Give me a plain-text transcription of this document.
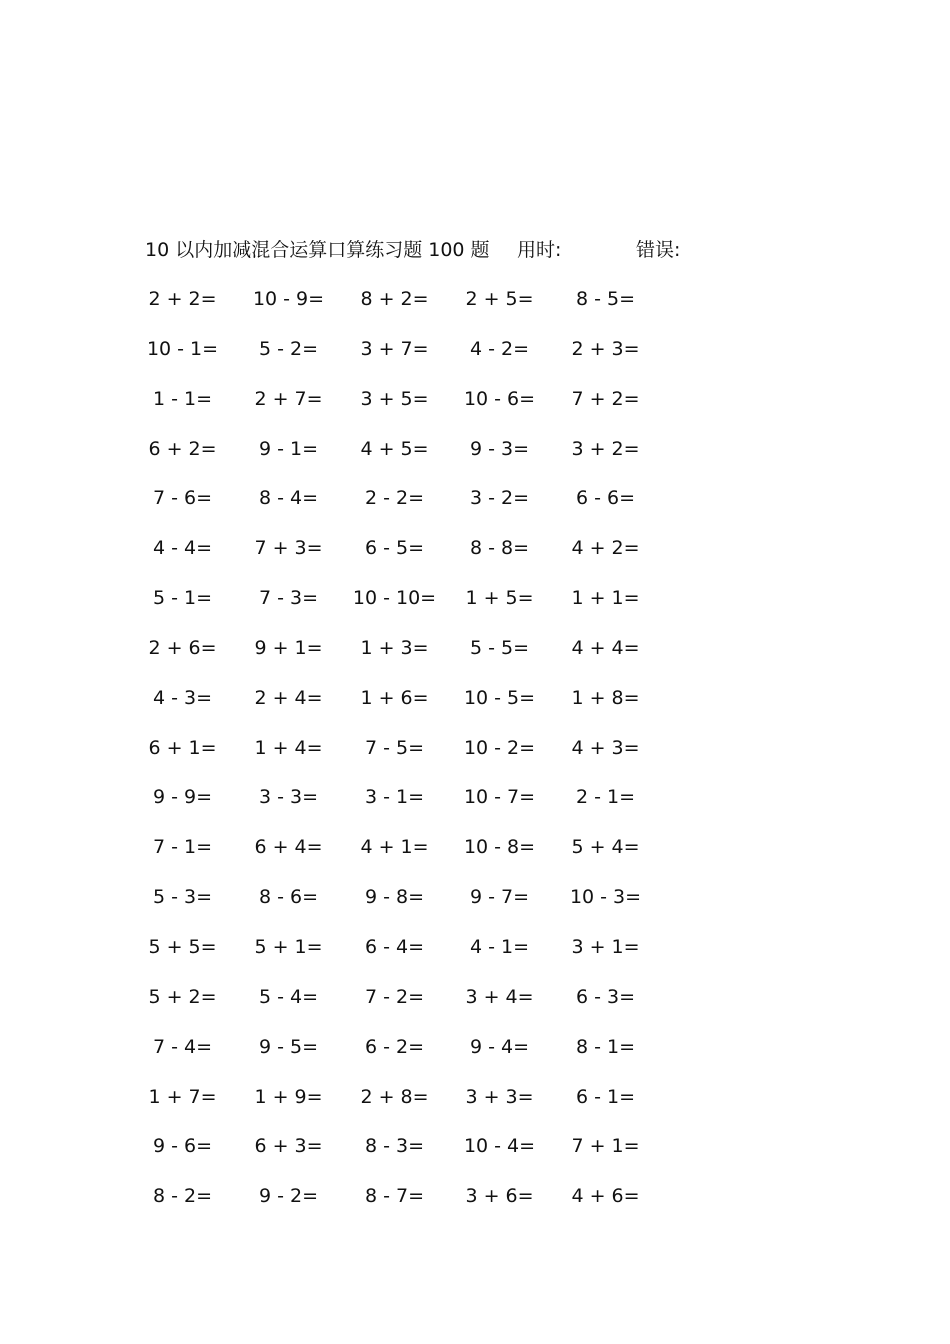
10 以内加减混合运算口算练习题 100 题 用时:	错误:
2 + 2=	10 - 9=	8 + 2=	2 + 5=	8 - 5=
10 - 1=	5 - 2=	3 + 7=	4 - 2=	2 + 3=
1 - 1=	2 + 7=	3 + 5=	10 - 6=	7 + 2=
6 + 2=	9 - 1=	4 + 5=	9 - 3=	3 + 2=
7 - 6=	8 - 4=	2 - 2=	3 - 2=	6 - 6=
4 - 4=	7 + 3=	6 - 5=	8 - 8=	4 + 2=
5 - 1=	7 - 3=	10 - 10=	1 + 5=	1 + 1=
2 + 6=	9 + 1=	1 + 3=	5 - 5=	4 + 4=
4 - 3=	2 + 4=	1 + 6=	10 - 5=	1 + 8=
6 + 1=	1 + 4=	7 - 5=	10 - 2=	4 + 3=
9 - 9=	3 - 3=	3 - 1=	10 - 7=	2 - 1=
7 - 1=	6 + 4=	4 + 1=	10 - 8=	5 + 4=
5 - 3=	8 - 6=	9 - 8=	9 - 7=	10 - 3=
5 + 5=	5 + 1=	6 - 4=	4 - 1=	3 + 1=
5 + 2=	5 - 4=	7 - 2=	3 + 4=	6 - 3=
7 - 4=	9 - 5=	6 - 2=	9 - 4=	8 - 1=
1 + 7=	1 + 9=	2 + 8=	3 + 3=	6 - 1=
9 - 6=	6 + 3=	8 - 3=	10 - 4=	7 + 1=
8 - 2=	9 - 2=	8 - 7=	3 + 6=	4 + 6=
